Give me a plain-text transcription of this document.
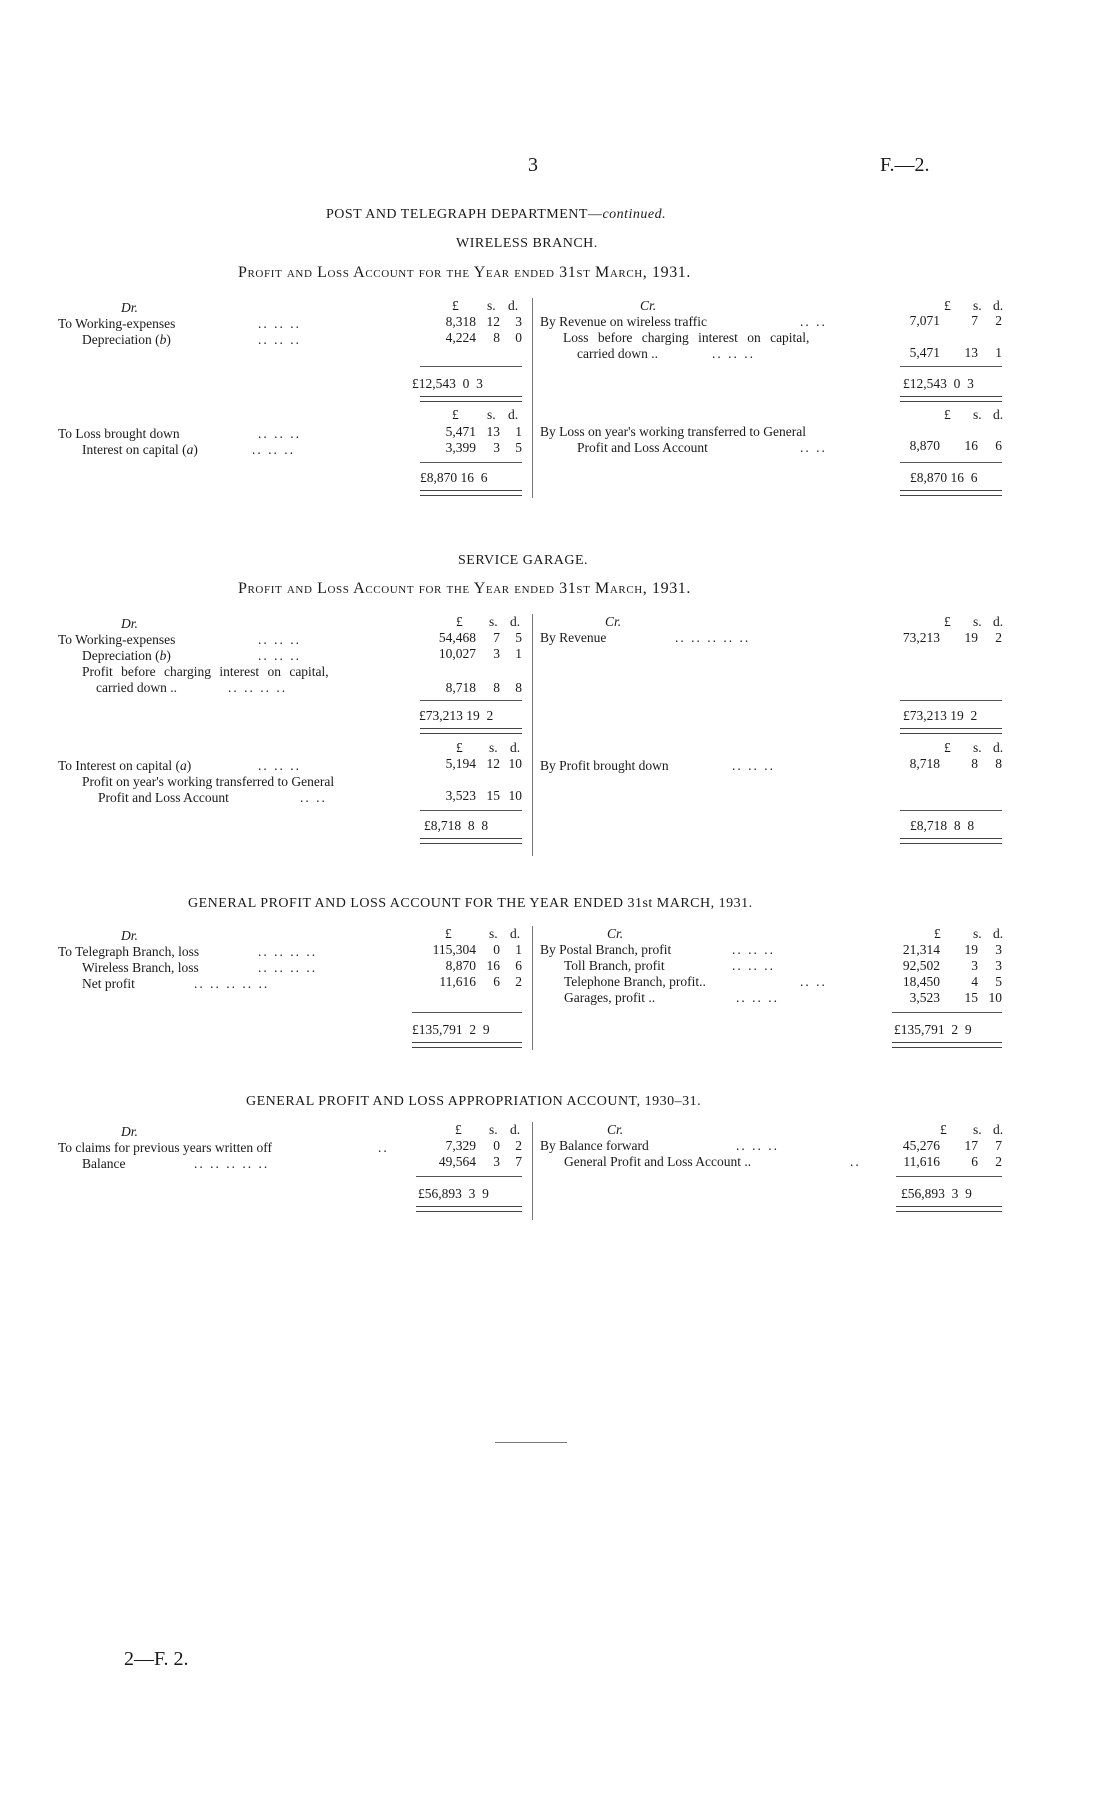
3	F.—2.
POST AND TELEGRAPH DEPARTMENT—continued.
WIRELESS BRANCH.
Profit and Loss Account for the Year ended 31st March, 1931.
Dr.	£ s. d.	Cr.	£ s. d.
To Working-expenses	.. .. ..	8,318 12	3
Depreciation (b)	.. .. ..	4,224	8	0
By Revenue on wireless traffic	.. ..	7,071	7	2
Loss before charging interest on capital,
carried down ..	.. .. ..	5,471	13	1
£12,543  0  3	£12,543  0  3
£ s. d.	£ s. d.
To Loss brought down	.. .. ..	5,471 13	1
Interest on capital (a)	.. .. ..	3,399	3	5
By Loss on year's working transferred to General
Profit and Loss Account	.. ..	8,870	16	6
£8,870 16  6	£8,870 16  6
SERVICE GARAGE.
Profit and Loss Account for the Year ended 31st March, 1931.
Dr.	£ s. d.	Cr.	£ s. d.
To Working-expenses	.. .. ..	54,468	7	5
Depreciation (b)	.. .. ..	10,027	3	1
Profit before charging interest on capital,
carried down ..	.. .. .. ..	8,718	8	8
By Revenue	.. .. .. .. ..	73,213	19	2
£73,213 19  2	£73,213 19  2
£ s. d.	£ s. d.
To Interest on capital (a)	.. .. ..	5,194 12 10
Profit on year's working transferred to General
Profit and Loss Account	.. ..	3,523 15 10
By Profit brought down	.. .. ..	8,718	8	8
£8,718  8  8	£8,718  8  8
GENERAL PROFIT AND LOSS ACCOUNT FOR THE YEAR ENDED 31st MARCH, 1931.
Dr.	£	s. d.	Cr.	£ s. d.
To Telegraph Branch, loss	.. .. .. ..	115,304	0	1
Wireless Branch, loss	.. .. .. ..	8,870 16	6
Net profit	.. .. .. .. ..	11,616	6	2
By Postal Branch, profit	.. .. ..	21,314	19	3
Toll Branch, profit	.. .. ..	92,502	3	3
Telephone Branch, profit..	.. ..	18,450	4	5
Garages, profit ..	.. .. ..	3,523	15 10
£135,791  2  9	£135,791  2  9
GENERAL PROFIT AND LOSS APPROPRIATION ACCOUNT, 1930–31.
Dr.	£ s. d.	Cr.	£ s. d.
To claims for previous years written off	..	7,329	0	2
Balance	.. .. .. .. ..	49,564	3	7
By Balance forward	.. .. ..	45,276	17	7
General Profit and Loss Account ..	..	11,616	6	2
£56,893  3  9	£56,893  3  9
2—F. 2.
